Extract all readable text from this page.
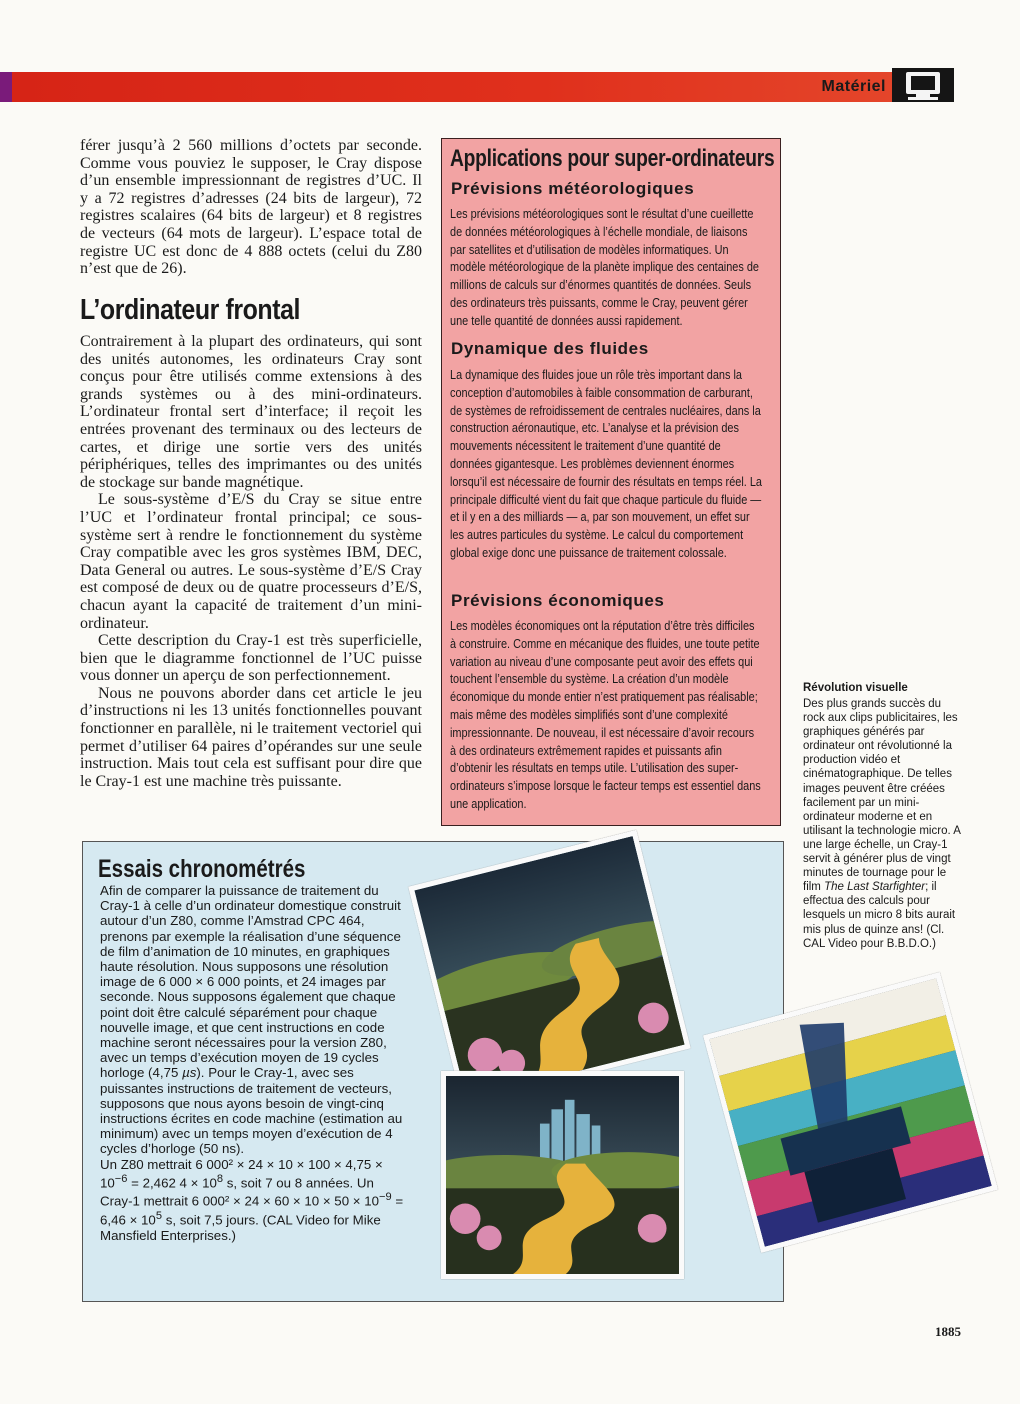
Matériel

férer jusqu’à 2 560 millions d’octets par seconde. Comme vous pouviez le supposer, le Cray dispose d’un ensemble impressionnant de registres d’UC. Il y a 72 registres d’adresses (24 bits de largeur), 72 registres scalaires (64 bits de largeur) et 8 registres de vecteurs (64 mots de largeur). L’espace total de registre UC est donc de 4 888 octets (celui du Z80 n’est que de 26).

L’ordinateur frontal

Contrairement à la plupart des ordinateurs, qui sont des unités autonomes, les ordinateurs Cray sont conçus pour être utilisés comme extensions à des grands systèmes ou à des mini-ordinateurs. L’ordinateur frontal sert d’interface; il reçoit les entrées provenant des terminaux ou des lecteurs de cartes, et dirige une sortie vers des unités périphériques, telles des imprimantes ou des unités de stockage sur bande magnétique.

Le sous-système d’E/S du Cray se situe entre l’UC et l’ordinateur frontal principal; ce sous-système sert à rendre le fonctionnement du système Cray compatible avec les gros systèmes IBM, DEC, Data General ou autres. Le sous-système d’E/S Cray est composé de deux ou de quatre processeurs d’E/S, chacun ayant la capacité de traitement d’un mini-ordinateur.

Cette description du Cray-1 est très superficielle, bien que le diagramme fonctionnel de l’UC puisse vous donner un aperçu de son perfectionnement.

Nous ne pouvons aborder dans cet article le jeu d’instructions ni les 13 unités fonctionnelles pouvant fonctionner en parallèle, ni le traitement vectoriel qui permet d’utiliser 64 paires d’opérandes sur une seule instruction. Mais tout cela est suffisant pour dire que le Cray-1 est une machine très puissante.

Applications pour super-ordinateurs
Prévisions météorologiques

Les prévisions météorologiques sont le résultat d’une cueillette de données météorologiques à l’échelle mondiale, de liaisons par satellites et d’utilisation de modèles informatiques. Un modèle météorologique de la planète implique des centaines de millions de calculs sur d’énormes quantités de données. Seuls des ordinateurs très puissants, comme le Cray, peuvent gérer une telle quantité de données aussi rapidement.

Dynamique des fluides

La dynamique des fluides joue un rôle très important dans la conception d’automobiles à faible consommation de carburant, de systèmes de refroidissement de centrales nucléaires, dans la construction aéronautique, etc. L’analyse et la prévision des mouvements nécessitent le traitement d’une quantité de données gigantesque. Les problèmes deviennent énormes lorsqu’il est nécessaire de fournir des résultats en temps réel. La principale difficulté vient du fait que chaque particule du fluide — et il y en a des milliards — a, par son mouvement, un effet sur les autres particules du système. Le calcul du comportement global exige donc une puissance de traitement colossale.

Prévisions économiques

Les modèles économiques ont la réputation d’être très difficiles à construire. Comme en mécanique des fluides, une toute petite variation au niveau d’une composante peut avoir des effets qui touchent l’ensemble du système. La création d’un modèle économique du monde entier n’est pratiquement pas réalisable; mais même des modèles simplifiés sont d’une complexité impressionnante. De nouveau, il est nécessaire d’avoir recours à des ordinateurs extrêmement rapides et puissants afin d’obtenir les résultats en temps utile. L’utilisation des super-ordinateurs s’impose lorsque le facteur temps est essentiel dans une application.

Essais chronométrés

Afin de comparer la puissance de traitement du Cray-1 à celle d’un ordinateur domestique construit autour d’un Z80, comme l’Amstrad CPC 464, prenons par exemple la réalisation d’une séquence de film d’animation de 10 minutes, en graphiques haute résolution. Nous supposons une résolution image de 6 000 × 6 000 points, et 24 images par seconde. Nous supposons également que chaque point doit être calculé séparément pour chaque nouvelle image, et que cent instructions en code machine seront nécessaires pour la version Z80, avec un temps d’exécution moyen de 19 cycles horloge (4,75 µs). Pour le Cray-1, avec ses puissantes instructions de traitement de vecteurs, supposons que nous ayons besoin de vingt-cinq instructions écrites en code machine (estimation au minimum) avec un temps moyen d’exécution de 4 cycles d’horloge (50 ns).
Un Z80 mettrait 6 $000^2 \times 24 \times 10 \times 100 \times 4,75 \times 10^{-6} = 2,462$ $4 \times 10^8$ s, soit 7 ou 8 années. Un Cray-1 mettrait 6 $000^2 \times 24 \times 60 \times 10 \times 50 \times 10^{-9} = 6,46 \times 10^5$ s, soit 7,5 jours. (CAL Video for Mike Mansfield Enterprises.)

Révolution visuelle

Des plus grands succès du rock aux clips publicitaires, les graphiques générés par ordinateur ont révolutionné la production vidéo et cinématographique. De telles images peuvent être créées facilement par un mini-ordinateur moderne et en utilisant la technologie micro. A une large échelle, un Cray-1 servit à générer plus de vingt minutes de tournage pour le film The Last Starfighter; il effectua des calculs pour lesquels un micro 8 bits aurait mis plus de quinze ans! (Cl. CAL Video pour B.B.D.O.)

1885
